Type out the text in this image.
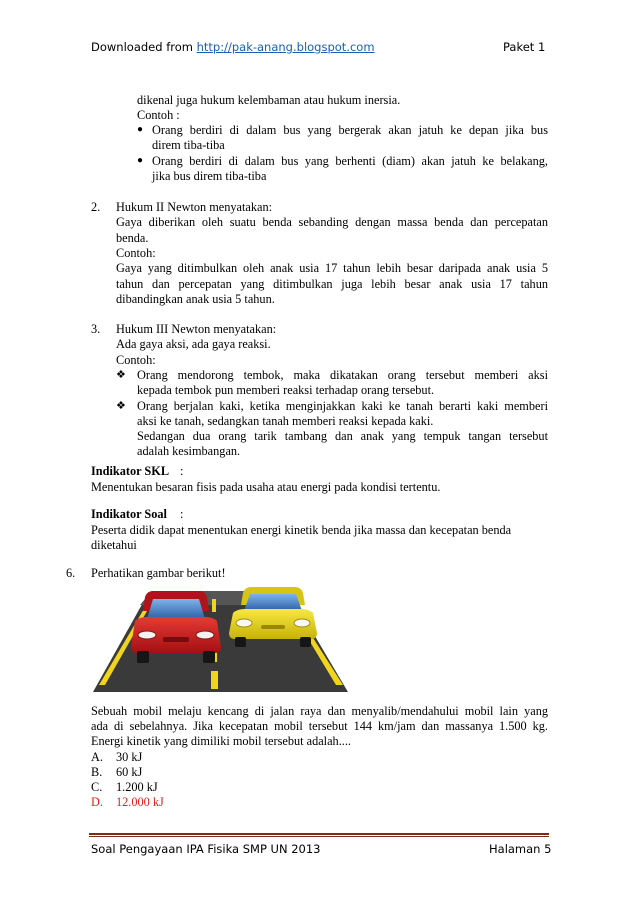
Downloaded from http://pak-anang.blogspot.com	Paket 1
dikenal juga hukum kelembaman atau hukum inersia.
Contoh :
● Orang berdiri di dalam bus yang bergerak akan jatuh ke depan jika bus
direm tiba-tiba
● Orang berdiri di dalam bus yang berhenti (diam) akan jatuh ke belakang,
jika bus direm tiba-tiba
2. Hukum II Newton menyatakan:
Gaya diberikan oleh suatu benda sebanding dengan massa benda dan percepatan
benda.
Contoh:
Gaya yang ditimbulkan oleh anak usia 17 tahun lebih besar daripada anak usia 5
tahun dan percepatan yang ditimbulkan juga lebih besar anak usia 17 tahun
dibandingkan anak usia 5 tahun.
3. Hukum III Newton menyatakan:
Ada gaya aksi, ada gaya reaksi.
Contoh:
❖ Orang mendorong tembok, maka dikatakan orang tersebut memberi aksi
kepada tembok pun memberi reaksi terhadap orang tersebut.
❖ Orang berjalan kaki, ketika menginjakkan kaki ke tanah berarti kaki memberi
aksi ke tanah, sedangkan tanah memberi reaksi kepada kaki.
Sedangan dua orang tarik tambang dan anak yang tempuk tangan tersebut
adalah kesimbangan.
Indikator SKL :
Menentukan besaran fisis pada usaha atau energi pada kondisi tertentu.
Indikator Soal :
Peserta didik dapat menentukan energi kinetik benda jika massa dan kecepatan benda
diketahui
6. Perhatikan gambar berikut!
Sebuah mobil melaju kencang di jalan raya dan menyalib/mendahului mobil lain yang
ada di sebelahnya. Jika kecepatan mobil tersebut 144 km/jam dan massanya 1.500 kg.
Energi kinetik yang dimiliki mobil tersebut adalah....
A. 30 kJ
B. 60 kJ
C. 1.200 kJ
D. 12.000 kJ
Soal Pengayaan IPA Fisika SMP UN 2013	Halaman 5
